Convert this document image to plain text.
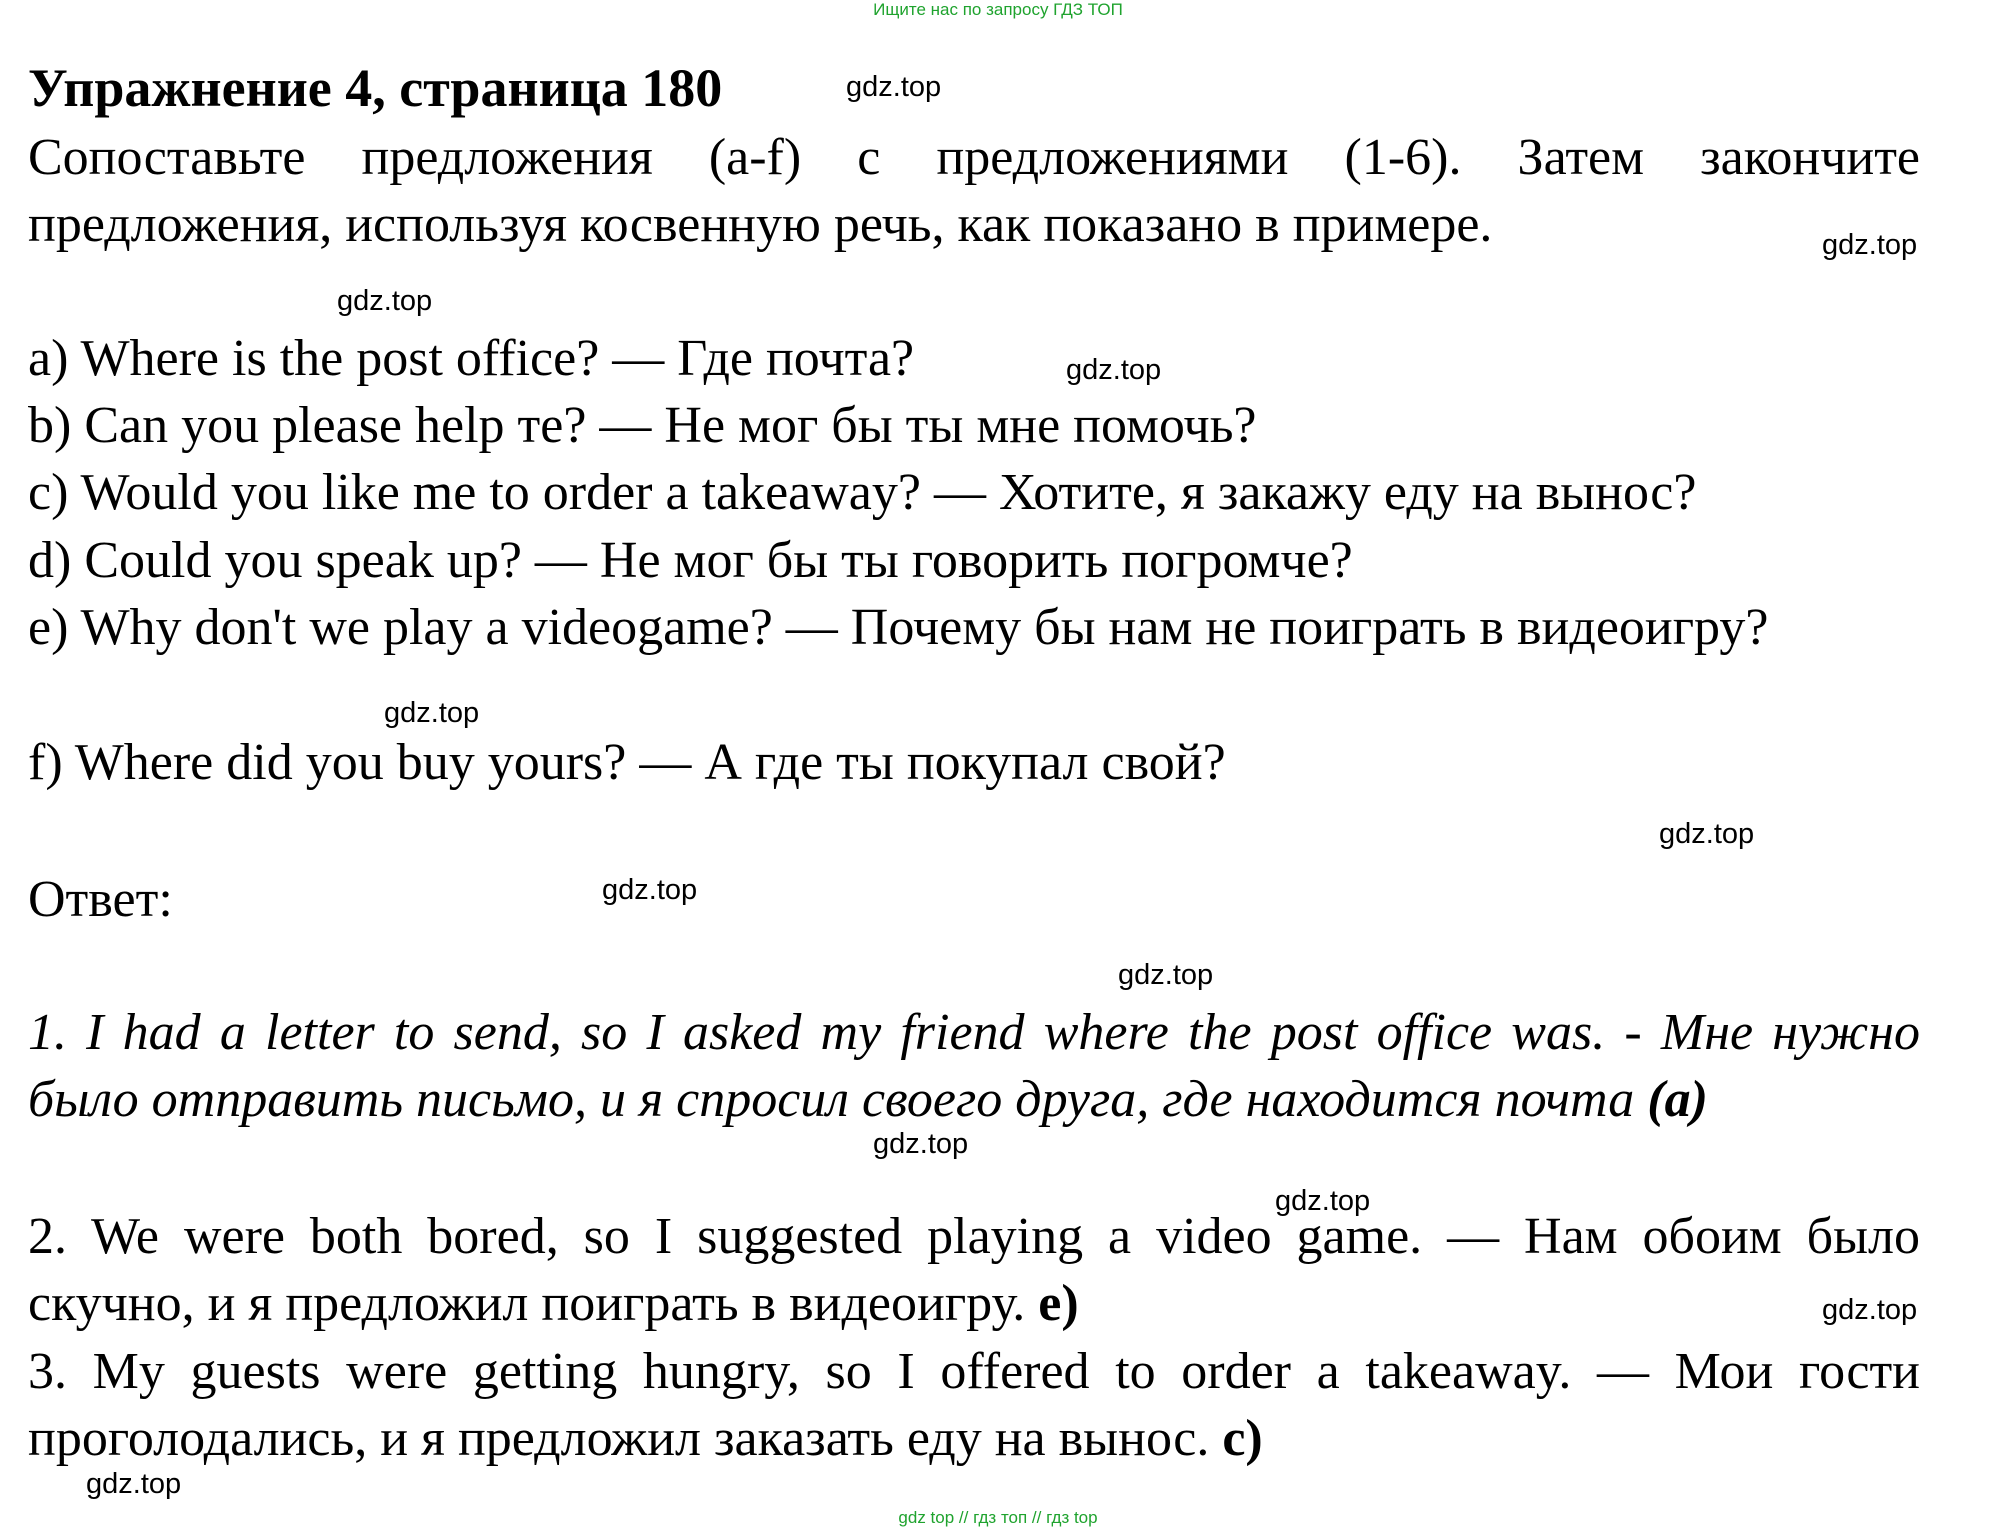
Ищите нас по запросу ГДЗ ТОП
Упражнение 4, страница 180	gdz.top
Сопоставьте предложения (a-f) с предложениями (1-6). Затем закончите предложения, используя косвенную речь, как показано в примере.	gdz.top
gdz.top
a) Where is the post office? — Где почта?	gdz.top
b) Can you please help те? — Не мог бы ты мне помочь?
c) Would you like me to order a takeaway? — Хотите, я закажу еду на вынос?
d) Could you speak up? — Не мог бы ты говорить погромче?
e) Why don't we play a videogame? — Почему бы нам не поиграть в видеоигру?
gdz.top
f) Where did you buy yours? — А где ты покупал свой?
gdz.top
Ответ:	gdz.top
gdz.top
1. I had a letter to send, so I asked my friend where the post office was. - Мне нужно было отправить письмо, и я спросил своего друга, где находится почта (a)
gdz.top
gdz.top
2. We were both bored, so I suggested playing a video game. — Нам обоим было скучно, и я предложил поиграть в видеоигру. e)	gdz.top
3. My guests were getting hungry, so I offered to order a takeaway. — Мои гости проголодались, и я предложил заказать еду на вынос. c)
gdz.top
gdz top // гдз топ // гдз top
